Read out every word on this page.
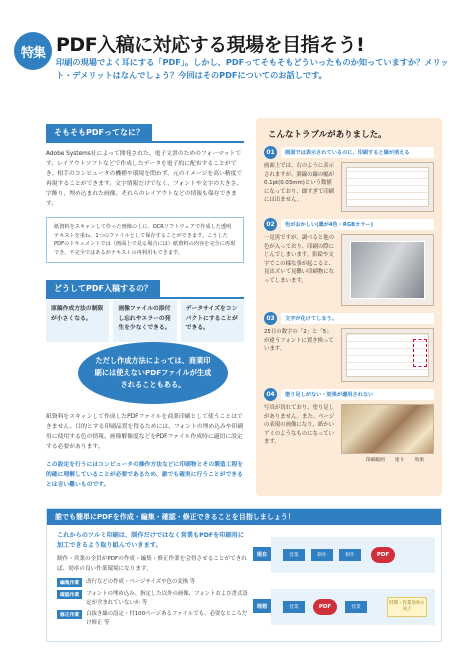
特集 PDF入稿に対応する現場を目指そう!
印刷の現場でよく耳にする「PDF」。しかし、PDFってそもそもどういったものか知っていますか？メリット・デメリットはなんでしょう？今回はそのPDFについてのお話しです。
そもそもPDFってなに？
Adobe Systems社によって開発された、電子文書のためのフォーマットです。レイアウトソフトなどで作成したデータを電子的に配布することができ、相手のコンピュータの機種や環境を問わず、元のイメージを高い精度で再現することができます。文字情報だけでなく、フォントや文字の大きさ、字飾り、埋め込まれた画像、それらのレイアウトなどの情報も保存できます。
紙資料をスキャンして作った画像の上に、OCRソフトウェアで作成した透明テキストを重ね、1つのファイルとして保存することができます。こうしたPDFのドキュメントでは（画面上で見る場合には）紙資料の内容を完全に再現でき、不完全ではあるがテキストの再利用もできます。
どうしてPDF入稿するの？
原稿作成方法の制限が小さくなる。
画像ファイルの添付し忘れやエラーの発生を少なくできる。
データサイズをコンパクトにすることができる。
ただし作成方法によっては、商業印刷には使えないPDFファイルが生成されることもある。
紙資料をスキャンして作成したPDFファイルを商業印刷として使うことはできません。目的とする印刷品質を得るためには、フォントの埋め込みや印刷用に使用する色の情報、画像解像度などをPDFファイル作成時に適切に設定する必要があります。
この設定を行うにはコンピュータの操作方法などに印刷物とその製造工程を的確に理解していることが必要であるため、誰でも確実に行うことができるとは言い難いものです。
こんなトラブルがありました。
01	画面では表示されているのに、印刷すると線が消える
画面上では、右のように表示されますが、罫線の線の幅が0.1pt(0.03mm)という数値になっており、細すぎて印刷には出ません。
02	色がおかしい(墨が4色・RGBカラー)
一見黒ですが、調べると他の色が入っており、印刷の際にじんでしまいます。影絵や文字でこの様な事が起こると、見出ズレて見難い印刷物になってしまいます。
03	文字が化けてしまう。
25日の数字の「2」と「5」が違うフォントに置き換っています。
04	塗り足しがない・効果が適用されない
写真が切れており、塗り足しがありません。また、ページの表現の画像になり、紙かいアミのようなものになっています。
印刷範囲 塗り 効果
誰でも簡単にPDFを作成・編集・確認・修正できることを目指しましょう！
これからのツルミ印刷は、制作だけではなく営業もPDFを印刷用に加工できるよう取り組んでいきます。
制作・営業の全員がPDFの作成・編集・修正作業を会得させることができれば、効率の良い作業環境になります。
編集作業	改行などの作成・ページサイズや色の変換 等
確認作業	フォントの埋め込み、指定した以外の画像、フォントおよび書式設定が含まれていないか 等
修正作業	白抜き線の設定・付100ページあるファイルでも、必要なところだけ修正 等
現在	営業	制作	制作	PDF
理想	営業	PDF	営業
時間・作業効率の向上
